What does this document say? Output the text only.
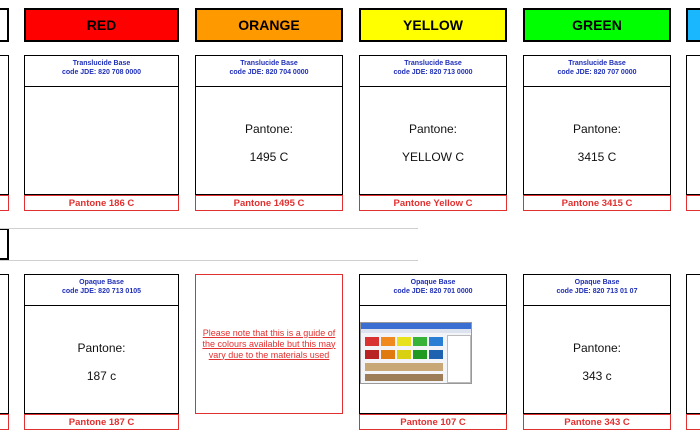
RED	ORANGE	YELLOW	GREEN
Translucide Base
code JDE: 820 708 0000
Pantone 186 C
Translucide Base
code JDE: 820 704 0000
Pantone:
1495 C
Pantone 1495 C
Translucide Base
code JDE: 820 713 0000
Pantone:
YELLOW C
Pantone Yellow C
Translucide Base
code JDE: 820 707 0000
Pantone:
3415 C
Pantone 3415 C
Opaque Base
code JDE: 820 713 0105
Pantone:
187 c
Pantone 187 C
Please note that this is a guide of the colours available but this may vary due to the materials used
Opaque Base
code JDE: 820 701 0000
Pantone 107 C
Opaque Base
code JDE: 820 713 01 07
Pantone:
343 c
Pantone 343 C
